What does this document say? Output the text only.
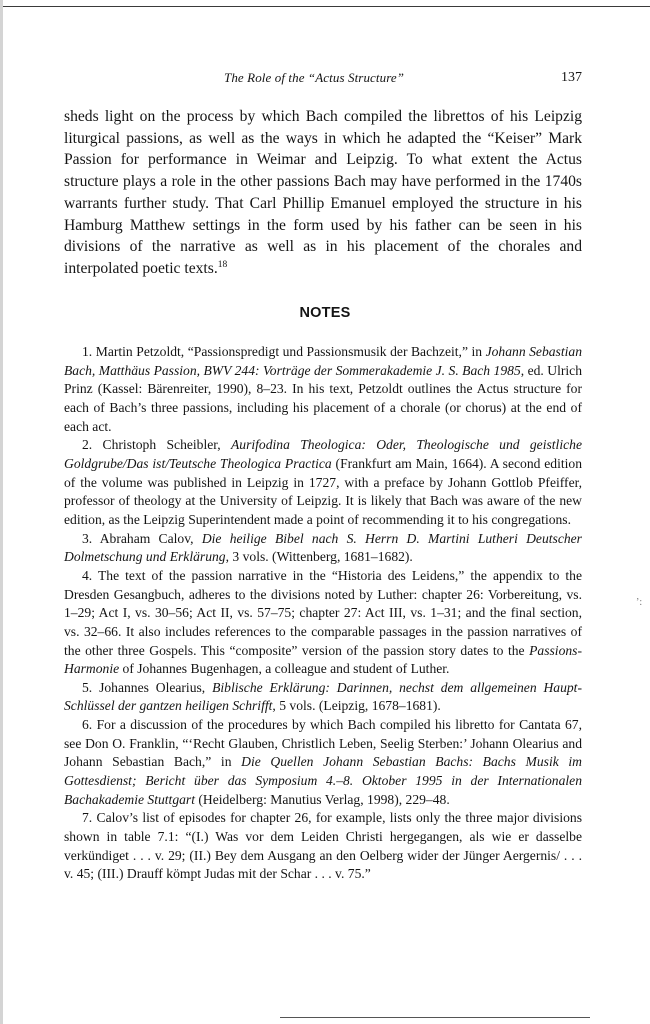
’:
The Role of the “Actus Structure”	137

sheds light on the process by which Bach compiled the librettos of his Leipzig liturgical passions, as well as the ways in which he adapted the “Keiser” Mark Passion for performance in Weimar and Leipzig. To what extent the Actus structure plays a role in the other passions Bach may have performed in the 1740s warrants further study. That Carl Phillip Emanuel employed the structure in his Hamburg Matthew settings in the form used by his father can be seen in his divisions of the narrative as well as in his placement of the chorales and interpolated poetic texts.$^{18}$

NOTES

1. Martin Petzoldt, “Passionspredigt und Passionsmusik der Bachzeit,” in Johann Sebastian Bach, Matthäus Passion, BWV 244: Vorträge der Sommerakademie J. S. Bach 1985, ed. Ulrich Prinz (Kassel: Bärenreiter, 1990), 8–23. In his text, Petzoldt outlines the Actus structure for each of Bach’s three passions, including his placement of a chorale (or chorus) at the end of each act.

2. Christoph Scheibler, Aurifodina Theologica: Oder, Theologische und geistliche Goldgrube/Das ist/Teutsche Theologica Practica (Frankfurt am Main, 1664). A second edition of the volume was published in Leipzig in 1727, with a preface by Johann Gottlob Pfeiffer, professor of theology at the University of Leipzig. It is likely that Bach was aware of the new edition, as the Leipzig Superintendent made a point of recommending it to his congregations.

3. Abraham Calov, Die heilige Bibel nach S. Herrn D. Martini Lutheri Deutscher Dolmetschung und Erklärung, 3 vols. (Wittenberg, 1681–1682).

4. The text of the passion narrative in the “Historia des Leidens,” the appendix to the Dresden Gesangbuch, adheres to the divisions noted by Luther: chapter 26: Vorbereitung, vs. 1–29; Act I, vs. 30–56; Act II, vs. 57–75; chapter 27: Act III, vs. 1–31; and the final section, vs. 32–66. It also includes references to the comparable passages in the passion narratives of the other three Gospels. This “composite” version of the passion story dates to the Passions-Harmonie of Johannes Bugenhagen, a colleague and student of Luther.

5. Johannes Olearius, Biblische Erklärung: Darinnen, nechst dem allgemeinen Haupt-Schlüssel der gantzen heiligen Schrifft, 5 vols. (Leipzig, 1678–1681).

6. For a discussion of the procedures by which Bach compiled his libretto for Cantata 67, see Don O. Franklin, “‘Recht Glauben, Christlich Leben, Seelig Sterben:’ Johann Olearius and Johann Sebastian Bach,” in Die Quellen Johann Sebastian Bachs: Bachs Musik im Gottesdienst; Bericht über das Symposium 4.–8. Oktober 1995 in der Internationalen Bachakademie Stuttgart (Heidelberg: Manutius Verlag, 1998), 229–48.

7. Calov’s list of episodes for chapter 26, for example, lists only the three major divisions shown in table 7.1: “(I.) Was vor dem Leiden Christi hergegangen, als wie er dasselbe verkündiget . . . v. 29; (II.) Bey dem Ausgang an den Oelberg wider der Jünger Aergernis/ . . . v. 45; (III.) Drauff kömpt Judas mit der Schar . . . v. 75.”
